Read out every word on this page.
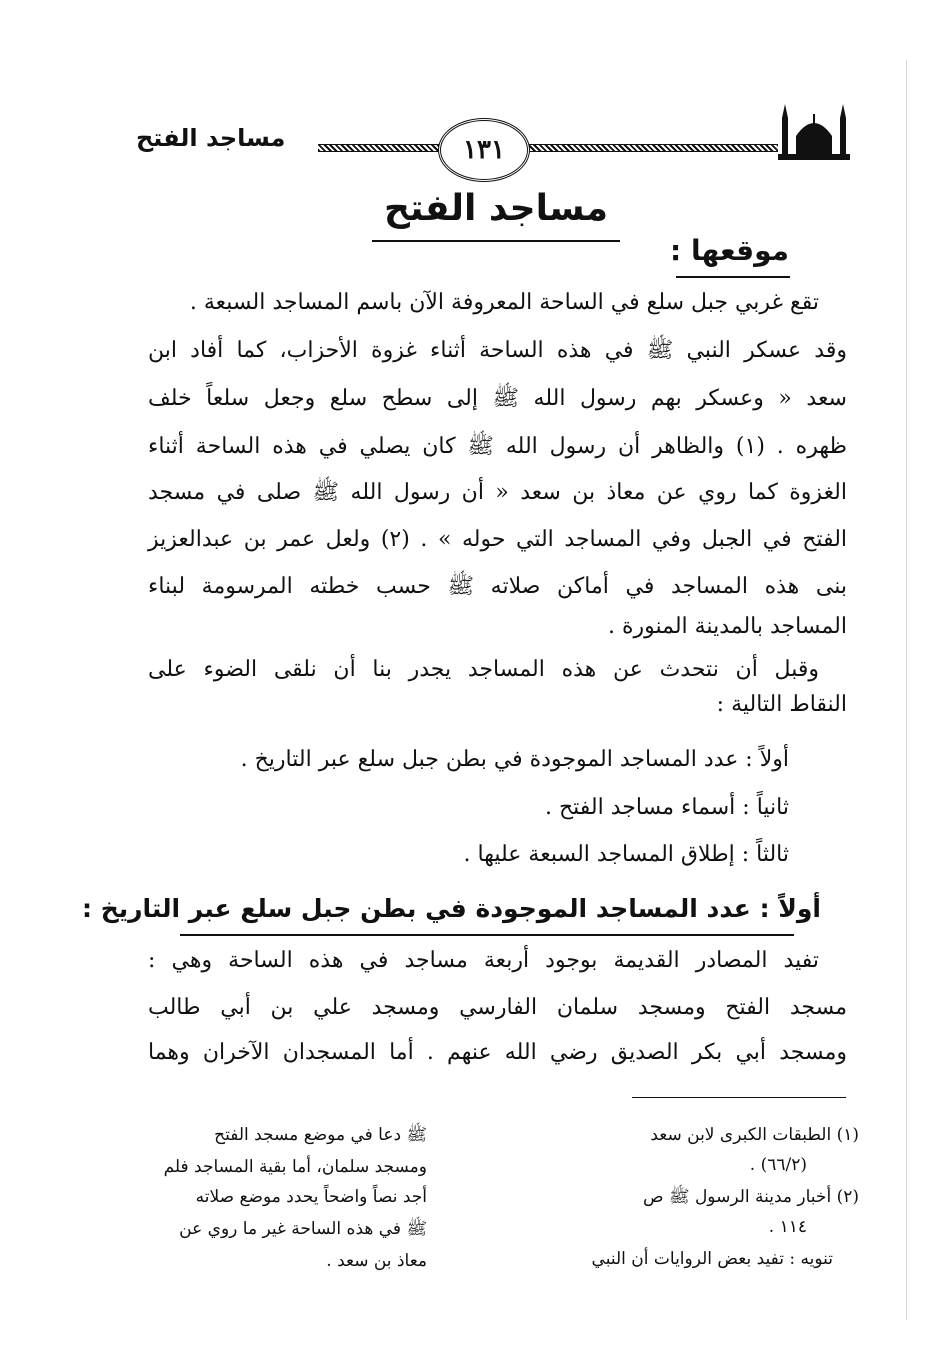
مساجد الفتح	١٣١
مساجد الفتح
موقعها :
تقع غربي جبل سلع في الساحة المعروفة الآن باسم المساجد السبعة .
وقد عسكر النبي ﷺ في هذه الساحة أثناء غزوة الأحزاب، كما أفاد ابن
سعد « وعسكر بهم رسول الله ﷺ إلى سطح سلع وجعل سلعاً خلف
ظهره . (١) والظاهر أن رسول الله ﷺ كان يصلي في هذه الساحة أثناء
الغزوة كما روي عن معاذ بن سعد « أن رسول الله ﷺ صلى في مسجد
الفتح في الجبل وفي المساجد التي حوله » . (٢) ولعل عمر بن عبدالعزيز
بنى هذه المساجد في أماكن صلاته ﷺ حسب خطته المرسومة لبناء
المساجد بالمدينة المنورة .
وقبل أن نتحدث عن هذه المساجد يجدر بنا أن نلقى الضوء على
النقاط التالية :
أولاً : عدد المساجد الموجودة في بطن جبل سلع عبر التاريخ .
ثانياً : أسماء مساجد الفتح .
ثالثاً : إطلاق المساجد السبعة عليها .
أولاً : عدد المساجد الموجودة في بطن جبل سلع عبر التاريخ :
تفيد المصادر القديمة بوجود أربعة مساجد في هذه الساحة وهي :
مسجد الفتح ومسجد سلمان الفارسي ومسجد علي بن أبي طالب
ومسجد أبي بكر الصديق رضي الله عنهم . أما المسجدان الآخران وهما
(١) الطبقات الكبرى لابن سعد
(٦٦/٢) .
(٢) أخبار مدينة الرسول ﷺ ص
١١٤ .
تنويه : تفيد بعض الروايات أن النبي
ﷺ دعا في موضع مسجد الفتح
ومسجد سلمان، أما بقية المساجد فلم
أجد نصاً واضحاً يحدد موضع صلاته
ﷺ في هذه الساحة غير ما روي عن
معاذ بن سعد .
